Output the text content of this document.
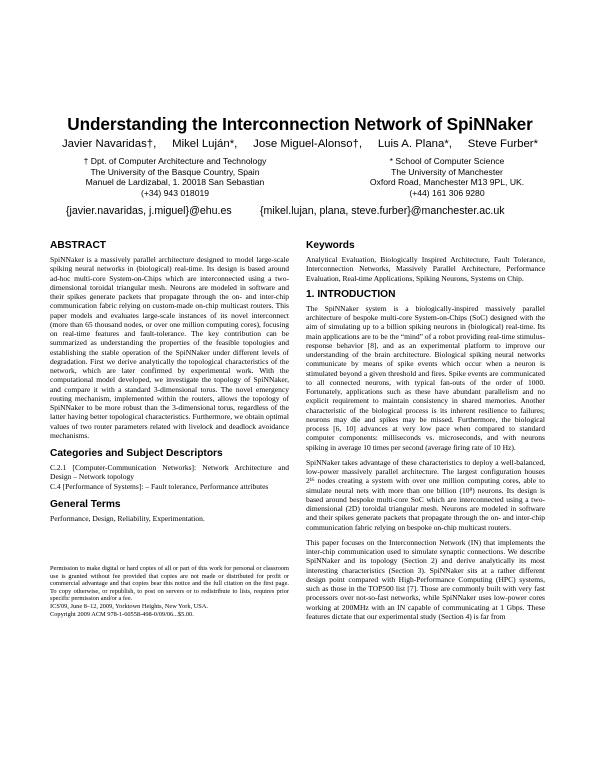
Understanding the Interconnection Network of SpiNNaker
Javier Navaridas†,     Mikel Luján*,     Jose Miguel-Alonso†,     Luis A. Plana*,     Steve Furber*
† Dpt. of Computer Architecture and Technology
The University of the Basque Country, Spain
Manuel de Lardizabal, 1. 20018 San Sebastian
(+34) 943 018019
* School of Computer Science
The University of Manchester
Oxford Road, Manchester M13 9PL, UK.
(+44) 161 306 9280
{javier.navaridas, j.miguel}@ehu.es	{mikel.lujan, plana, steve.furber}@manchester.ac.uk
ABSTRACT

SpiNNaker is a massively parallel architecture designed to model large-scale spiking neural networks in (biological) real-time. Its design is based around ad-hoc multi-core System-on-Chips which are interconnected using a two-dimensional toroidal triangular mesh. Neurons are modeled in software and their spikes generate packets that propagate through the on- and inter-chip communication fabric relying on custom-made on-chip multicast routers. This paper models and evaluates large-scale instances of its novel interconnect (more than 65 thousand nodes, or over one million computing cores), focusing on real-time features and fault-tolerance. The key contribution can be summarized as understanding the properties of the feasible topologies and establishing the stable operation of the SpiNNaker under different levels of degradation. First we derive analytically the topological characteristics of the network, which are later confirmed by experimental work. With the computational model developed, we investigate the topology of SpiNNaker, and compare it with a standard 3-dimensional torus. The novel emergency routing mechanism, implemented within the routers, allows the topology of SpiNNaker to be more robust than the 3-dimensional torus, regardless of the latter having better topological characteristics. Furthermore, we obtain optimal values of two router parameters related with livelock and deadlock avoidance mechanisms.

Categories and Subject Descriptors

C.2.1 [Computer-Communication Networks]: Network Architecture and Design – Network topology

C.4 [Performance of Systems]: – Fault tolerance, Performance attributes

General Terms

Performance, Design, Reliability, Experimentation.

Permission to make digital or hard copies of all or part of this work for personal or classroom use is granted without fee provided that copies are not made or distributed for profit or commercial advantage and that copies bear this notice and the full citation on the first page. To copy otherwise, or republish, to post on servers or to redistribute to lists, requires prior specific permission and/or a fee.

ICS'09, June 8–12, 2009, Yorktown Heights, New York, USA.

Copyright 2009 ACM 978-1-60558-498-0/09/06...$5.00.

Keywords

Analytical Evaluation, Biologically Inspired Architecture, Fault Tolerance, Interconnection Networks, Massively Parallel Architecture, Performance Evaluation, Real-time Applications, Spiking Neurons, Systems on Chip.

1. INTRODUCTION

The SpiNNaker system is a biologically-inspired massively parallel architecture of bespoke multi-core System-on-Chips (SoC) designed with the aim of simulating up to a billion spiking neurons in (biological) real-time. Its main applications are to be the “mind” of a robot providing real-time stimulus-response behavior [8], and as an experimental platform to improve our understanding of the brain architecture. Biological spiking neural networks communicate by means of spike events which occur when a neuron is stimulated beyond a given threshold and fires. Spike events are communicated to all connected neurons, with typical fan-outs of the order of 1000. Fortunately, applications such as these have abundant parallelism and no explicit requirement to maintain consistency in shared memories. Another characteristic of the biological process is its inherent resilience to failures; neurons may die and spikes may be missed. Furthermore, the biological process [6, 10] advances at very low pace when compared to standard computer components: milliseconds vs. microseconds, and with neurons spiking in average 10 times per second (average firing rate of 10 Hz).

SpiNNaker takes advantage of these characteristics to deploy a well-balanced, low-power massively parallel architecture. The largest configuration houses 2¹⁶ nodes creating a system with over one million computing cores, able to simulate neural nets with more than one billion (10⁹) neurons. Its design is based around bespoke multi-core SoC which are interconnected using a two-dimensional (2D) toroidal triangular mesh. Neurons are modeled in software and their spikes generate packets that propagate through the on- and inter-chip communication fabric relying on bespoke on-chip multicast routers.

This paper focuses on the Interconnection Network (IN) that implements the inter-chip communication used to simulate synaptic connections. We describe SpiNNaker and its topology (Section 2) and derive analytically its most interesting characteristics (Section 3). SpiNNaker sits at a rather different design point compared with High-Performance Computing (HPC) systems, such as those in the TOP500 list [7]. Those are commonly built with very fast processors over not-so-fast networks, while SpiNNaker uses low-power cores working at 200MHz with an IN capable of communicating at 1 Gbps. These features dictate that our experimental study (Section 4) is far from
